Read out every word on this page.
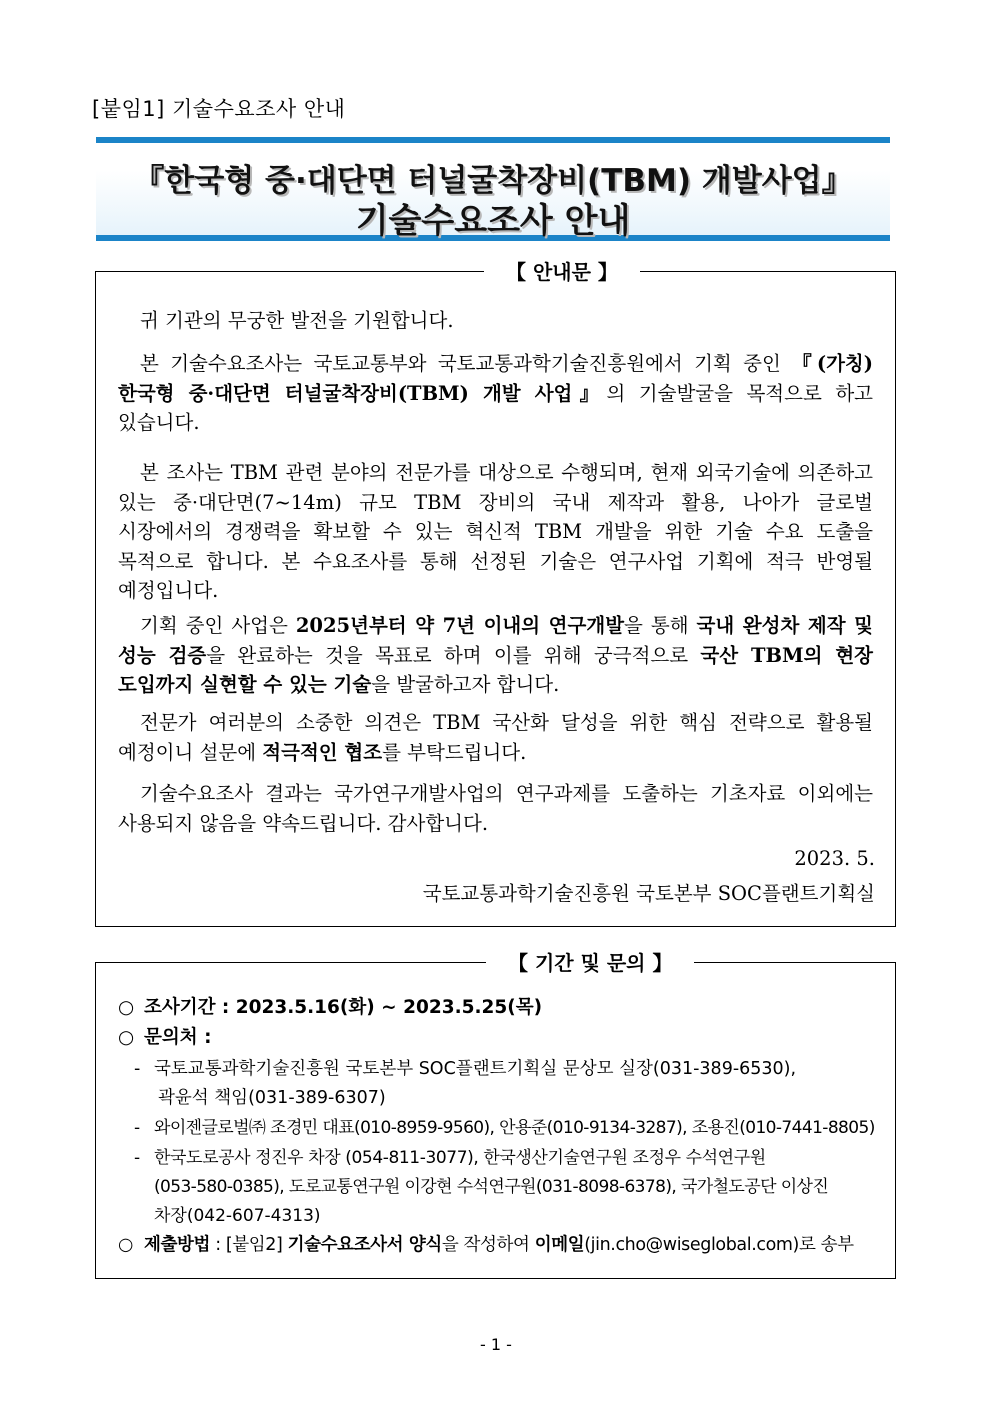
[붙임1] 기술수요조사 안내
『한국형 중·대단면 터널굴착장비(TBM) 개발사업』
기술수요조사 안내
【 안내문 】
귀 기관의 무궁한 발전을 기원합니다.
본 기술수요조사는 국토교통부와 국토교통과학기술진흥원에서 기획 중인 『(가칭)한국형 중·대단면 터널굴착장비(TBM) 개발 사업』의 기술발굴을 목적으로 하고 있습니다.
본 조사는 TBM 관련 분야의 전문가를 대상으로 수행되며, 현재 외국기술에 의존하고 있는 중·대단면(7~14m) 규모 TBM 장비의 국내 제작과 활용, 나아가 글로벌 시장에서의 경쟁력을 확보할 수 있는 혁신적 TBM 개발을 위한 기술 수요 도출을 목적으로 합니다. 본 수요조사를 통해 선정된 기술은 연구사업 기획에 적극 반영될 예정입니다.
기획 중인 사업은 2025년부터 약 7년 이내의 연구개발을 통해 국내 완성차 제작 및 성능 검증을 완료하는 것을 목표로 하며 이를 위해 궁극적으로 국산 TBM의 현장 도입까지 실현할 수 있는 기술을 발굴하고자 합니다.
전문가 여러분의 소중한 의견은 TBM 국산화 달성을 위한 핵심 전략으로 활용될 예정이니 설문에 적극적인 협조를 부탁드립니다.
기술수요조사 결과는 국가연구개발사업의 연구과제를 도출하는 기초자료 이외에는 사용되지 않음을 약속드립니다. 감사합니다.
2023. 5.
국토교통과학기술진흥원 국토본부 SOC플랜트기획실
【 기간 및 문의 】
○ 조사기간 : 2023.5.16(화) ~ 2023.5.25(목)
○ 문의처 :
- 국토교통과학기술진흥원 국토본부 SOC플랜트기획실 문상모 실장(031-389-6530),
곽윤석 책임(031-389-6307)
- 와이젠글로벌㈜ 조경민 대표(010-8959-9560), 안용준(010-9134-3287), 조용진(010-7441-8805)
- 한국도로공사 정진우 차장 (054-811-3077), 한국생산기술연구원 조정우 수석연구원
(053-580-0385), 도로교통연구원 이강현 수석연구원(031-8098-6378), 국가철도공단 이상진
차장(042-607-4313)
○ 제출방법 : [붙임2] 기술수요조사서 양식을 작성하여 이메일(jin.cho@wiseglobal.com)로 송부
- 1 -
